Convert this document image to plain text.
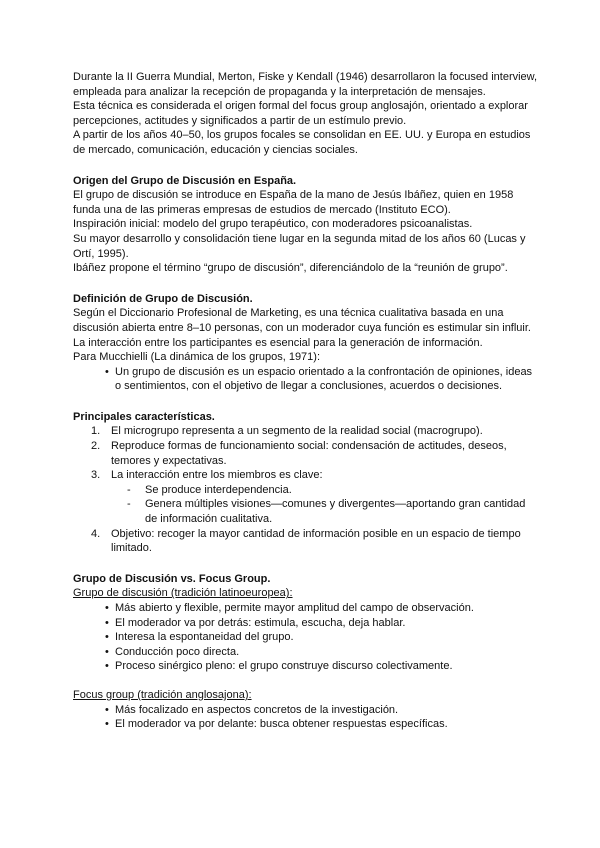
Durante la II Guerra Mundial, Merton, Fiske y Kendall (1946) desarrollaron la focused interview, empleada para analizar la recepción de propaganda y la interpretación de mensajes.

Esta técnica es considerada el origen formal del focus group anglosajón, orientado a explorar percepciones, actitudes y significados a partir de un estímulo previo.

A partir de los años 40–50, los grupos focales se consolidan en EE. UU. y Europa en estudios de mercado, comunicación, educación y ciencias sociales.

Origen del Grupo de Discusión en España.

El grupo de discusión se introduce en España de la mano de Jesús Ibáñez, quien en 1958 funda una de las primeras empresas de estudios de mercado (Instituto ECO).

Inspiración inicial: modelo del grupo terapéutico, con moderadores psicoanalistas.

Su mayor desarrollo y consolidación tiene lugar en la segunda mitad de los años 60 (Lucas y Ortí, 1995).

Ibáñez propone el término “grupo de discusión”, diferenciándolo de la “reunión de grupo”.

Definición de Grupo de Discusión.

Según el Diccionario Profesional de Marketing, es una técnica cualitativa basada en una discusión abierta entre 8–10 personas, con un moderador cuya función es estimular sin influir.

La interacción entre los participantes es esencial para la generación de información.

Para Mucchielli (La dinámica de los grupos, 1971):

• Un grupo de discusión es un espacio orientado a la confrontación de opiniones, ideas o sentimientos, con el objetivo de llegar a conclusiones, acuerdos o decisiones.

Principales características.

1. El microgrupo representa a un segmento de la realidad social (macrogrupo).
2. Reproduce formas de funcionamiento social: condensación de actitudes, deseos, temores y expectativas.
3. La interacción entre los miembros es clave:
-	Se produce interdependencia.
-	Genera múltiples visiones—comunes y divergentes—aportando gran cantidad de información cualitativa.
4. Objetivo: recoger la mayor cantidad de información posible en un espacio de tiempo limitado.

Grupo de Discusión vs. Focus Group.

Grupo de discusión (tradición latinoeuropea):

• Más abierto y flexible, permite mayor amplitud del campo de observación.
• El moderador va por detrás: estimula, escucha, deja hablar.
• Interesa la espontaneidad del grupo.
• Conducción poco directa.
• Proceso sinérgico pleno: el grupo construye discurso colectivamente.

Focus group (tradición anglosajona):

• Más focalizado en aspectos concretos de la investigación.
• El moderador va por delante: busca obtener respuestas específicas.
